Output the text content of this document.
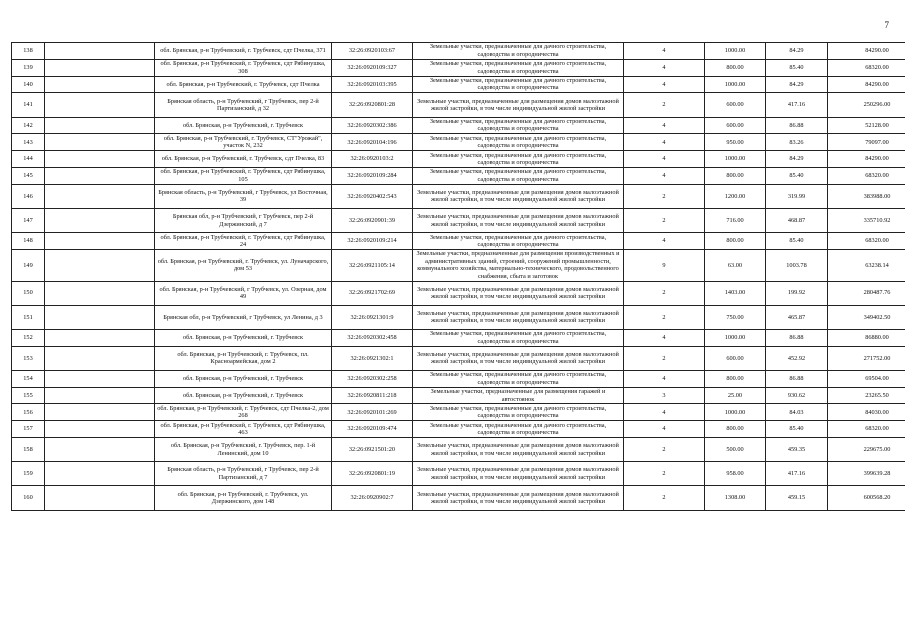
7
138		обл. Брянская, р-н Трубчевский, г. Трубчевск, сдт Пчелка, 371	32:26:0920103:67	Земельные участки, предназначенные для дачного строительства, садоводства и огородничества	4	1000.00	84.29	84290.00
139		обл. Брянская, р-н Трубчевский, г. Трубчевск, сдт Рябинушка, 308	32:26:0920109:327	Земельные участки, предназначенные для дачного строительства, садоводства и огородничества	4	800.00	85.40	68320.00
140		обл. Брянская, р-н Трубчевский, г. Трубчевск, сдт Пчелка	32:26:0920103:395	Земельные участки, предназначенные для дачного строительства, садоводства и огородничества	4	1000.00	84.29	84290.00
141		Брянская область, р-н Трубчевский, г Трубчевск, пер 2-й Партизанский, д 32	32:26:0920801:28	Земельные участки, предназначенные для размещения домов малоэтажной жилой застройки, в том числе индивидуальной жилой застройки	2	600.00	417.16	250296.00
142		обл. Брянская, р-н Трубчевский, г. Трубчевск	32:26:0920302:386	Земельные участки, предназначенные для дачного строительства, садоводства и огородничества	4	600.00	86.88	52128.00
143		обл. Брянская, р-н Трубчевский, г. Трубчевск, СТ"Урожай", участок N, 232	32:26:0920104:196	Земельные участки, предназначенные для дачного строительства, садоводства и огородничества	4	950.00	83.26	79097.00
144		обл. Брянская, р-н Трубчевский, г. Трубчевск, сдт Пчелка, 83	32:26:0920103:2	Земельные участки, предназначенные для дачного строительства, садоводства и огородничества	4	1000.00	84.29	84290.00
145		обл. Брянская, р-н Трубчевский, г. Трубчевск, сдт Рябинушка, 105	32:26:0920109:284	Земельные участки, предназначенные для дачного строительства, садоводства и огородничества	4	800.00	85.40	68320.00
146		Брянская область, р-н Трубчевский, г Трубчевск, ул Восточная, 39	32:26:0920402:543	Земельные участки, предназначенные для размещения домов малоэтажной жилой застройки, в том числе индивидуальной жилой застройки	2	1200.00	319.99	383988.00
147		Брянская обл, р-н Трубчевский, г Трубчевск, пер 2-й Дзержинский, д 7	32:26:0920901:39	Земельные участки, предназначенные для размещения домов малоэтажной жилой застройки, в том числе индивидуальной жилой застройки	2	716.00	468.87	335710.92
148		обл. Брянская, р-н Трубчевский, г. Трубчевск, сдт Рябинушка, 24	32:26:0920109:214	Земельные участки, предназначенные для дачного строительства, садоводства и огородничества	4	800.00	85.40	68320.00
149		обл. Брянская, р-н Трубчевский, г. Трубчевск, ул. Луначарского, дом 53	32:26:0921105:14	Земельные участки, предназначенные для размещения производственных и административных зданий, строений, сооружений промышленности, коммунального хозяйства, материально-технического, продовольственного снабжения, сбыта и заготовок	9	63.00	1003.78	63238.14
150		обл. Брянская, р-н Трубчевский, г Трубчевск, ул. Озерная, дом 49	32:26:0921702:69	Земельные участки, предназначенные для размещения домов малоэтажной жилой застройки, в том числе индивидуальной жилой застройки	2	1403.00	199.92	280487.76
151		Брянская обл, р-н Трубчевский, г Трубчевск, ул Ленина, д 3	32:26:0921301:9	Земельные участки, предназначенные для размещения домов малоэтажной жилой застройки, в том числе индивидуальной жилой застройки	2	750.00	465.87	349402.50
152		обл. Брянская, р-н Трубчевский, г. Трубчевск	32:26:0920302:458	Земельные участки, предназначенные для дачного строительства, садоводства и огородничества	4	1000.00	86.88	86880.00
153		обл. Брянская, р-н Трубчевский, г. Трубчевск, пл. Красноармейская, дом 2	32:26:0921302:1	Земельные участки, предназначенные для размещения домов малоэтажной жилой застройки, в том числе индивидуальной жилой застройки	2	600.00	452.92	271752.00
154		обл. Брянская, р-н Трубчевский, г. Трубчевск	32:26:0920302:258	Земельные участки, предназначенные для дачного строительства, садоводства и огородничества	4	800.00	86.88	69504.00
155		обл. Брянская, р-н Трубчевский, г. Трубчевск	32:26:0920811:218	Земельные участки, предназначенные для размещения гаражей и автостоянок	3	25.00	930.62	23265.50
156		обл. Брянская, р-н Трубчевский, г. Трубчевск, сдт Пчелка-2, дом 268	32:26:0920101:269	Земельные участки, предназначенные для дачного строительства, садоводства и огородничества	4	1000.00	84.03	84030.00
157		обл. Брянская, р-н Трубчевский, г. Трубчевск, сдт Рябинушка, 463	32:26:0920109:474	Земельные участки, предназначенные для дачного строительства, садоводства и огородничества	4	800.00	85.40	68320.00
158		обл. Брянская, р-н Трубчевский, г. Трубчевск, пер. 1-й Ленинский, дом 10	32:26:0921501:20	Земельные участки, предназначенные для размещения домов малоэтажной жилой застройки, в том числе индивидуальной жилой застройки	2	500.00	459.35	229675.00
159		Брянская область, р-н Трубчевский, г Трубчевск, пер 2-й Партизанский, д 7	32:26:0920801:19	Земельные участки, предназначенные для размещения домов малоэтажной жилой застройки, в том числе индивидуальной жилой застройки	2	958.00	417.16	399639.28
160		обл. Брянская, р-н Трубчевский, г. Трубчевск, ул. Дзержинского, дом 148	32:26:0920902:7	Земельные участки, предназначенные для размещения домов малоэтажной жилой застройки, в том числе индивидуальной жилой застройки	2	1308.00	459.15	600568.20
